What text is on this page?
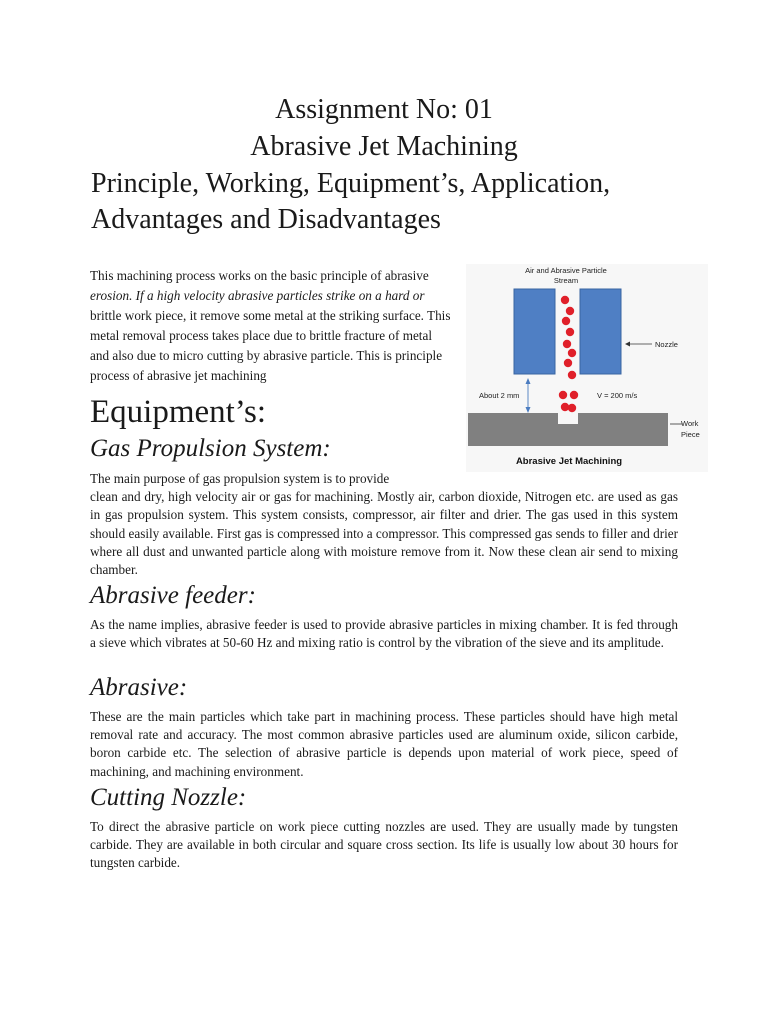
Assignment No: 01
Abrasive Jet Machining
Principle, Working, Equipment’s, Application,
Advantages and Disadvantages

This machining process works on the basic principle of abrasive erosion. If a high velocity abrasive particles strike on a hard or brittle work piece, it remove some metal at the striking surface. This metal removal process takes place due to brittle fracture of metal and also due to micro cutting by abrasive particle. This is principle process of abrasive jet machining

Air and Abrasive Particle
Stream
Nozzle
About 2 mm	V = 200 m/s
Work
Piece
Abrasive Jet Machining
Equipment’s:
Gas Propulsion System:

The main purpose of gas propulsion system is to provide
clean and dry, high velocity air or gas for machining. Mostly air, carbon dioxide, Nitrogen etc. are used as gas in gas propulsion system. This system consists, compressor, air filter and drier. The gas used in this system should easily available. First gas is compressed into a compressor. This compressed gas sends to filler and drier where all dust and unwanted particle along with moisture remove from it. Now these clean air send to mixing chamber.

Abrasive feeder:

As the name implies, abrasive feeder is used to provide abrasive particles in mixing chamber. It is fed through a sieve which vibrates at 50-60 Hz and mixing ratio is control by the vibration of the sieve and its amplitude.

Abrasive:

These are the main particles which take part in machining process. These particles should have high metal removal rate and accuracy. The most common abrasive particles used are aluminum oxide, silicon carbide, boron carbide etc. The selection of abrasive particle is depends upon material of work piece, speed of machining, and machining environment.

Cutting Nozzle:

To direct the abrasive particle on work piece cutting nozzles are used. They are usually made by tungsten carbide. They are available in both circular and square cross section. Its life is usually low about 30 hours for tungsten carbide.
